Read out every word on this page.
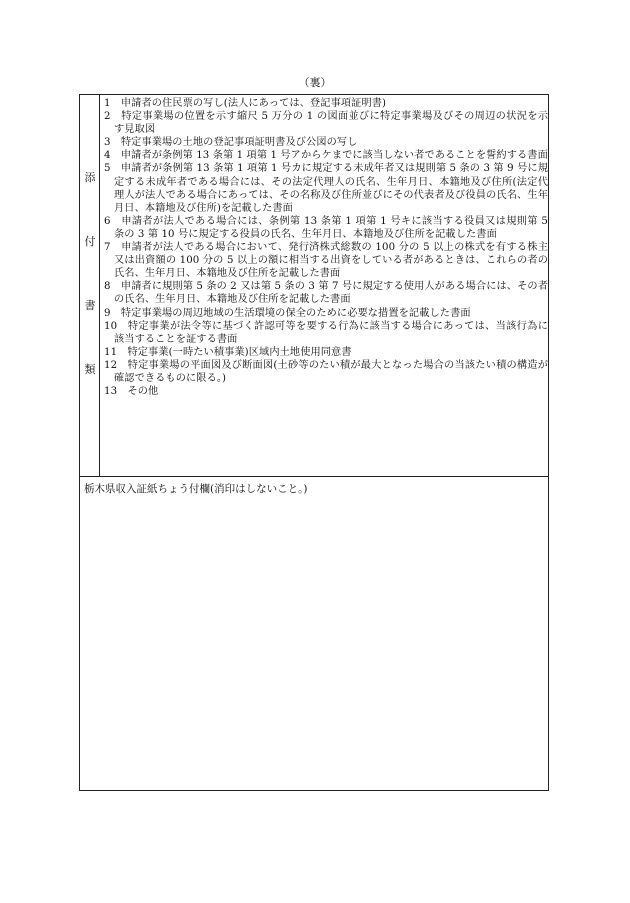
（裏）
添
付
書
類

1　申請者の住民票の写し(法人にあっては、登記事項証明書)

2　特定事業場の位置を示す縮尺 5 万分の 1 の図面並びに特定事業場及びその周辺の状況を示す見取図

3　特定事業場の土地の登記事項証明書及び公図の写し

4　申請者が条例第 13 条第 1 項第 1 号アからケまでに該当しない者であることを誓約する書面

5　申請者が条例第 13 条第 1 項第 1 号カに規定する未成年者又は規則第 5 条の 3 第 9 号に規定する未成年者である場合には、その法定代理人の氏名、生年月日、本籍地及び住所(法定代理人が法人である場合にあっては、その名称及び住所並びにその代表者及び役員の氏名、生年月日、本籍地及び住所)を記載した書面

6　申請者が法人である場合には、条例第 13 条第 1 項第 1 号キに該当する役員又は規則第 5 条の 3 第 10 号に規定する役員の氏名、生年月日、本籍地及び住所を記載した書面

7　申請者が法人である場合において、発行済株式総数の 100 分の 5 以上の株式を有する株主又は出資額の 100 分の 5 以上の額に相当する出資をしている者があるときは、これらの者の氏名、生年月日、本籍地及び住所を記載した書面

8　申請者に規則第 5 条の 2 又は第 5 条の 3 第 7 号に規定する使用人がある場合には、その者の氏名、生年月日、本籍地及び住所を記載した書面

9　特定事業場の周辺地域の生活環境の保全のために必要な措置を記載した書面

10　特定事業が法令等に基づく許認可等を要する行為に該当する場合にあっては、当該行為に該当することを証する書面

11　特定事業(一時たい積事業)区域内土地使用同意書

12　特定事業場の平面図及び断面図(土砂等のたい積が最大となった場合の当該たい積の構造が確認できるものに限る。)

13　その他

栃木県収入証紙ちょう付欄(消印はしないこと。)
